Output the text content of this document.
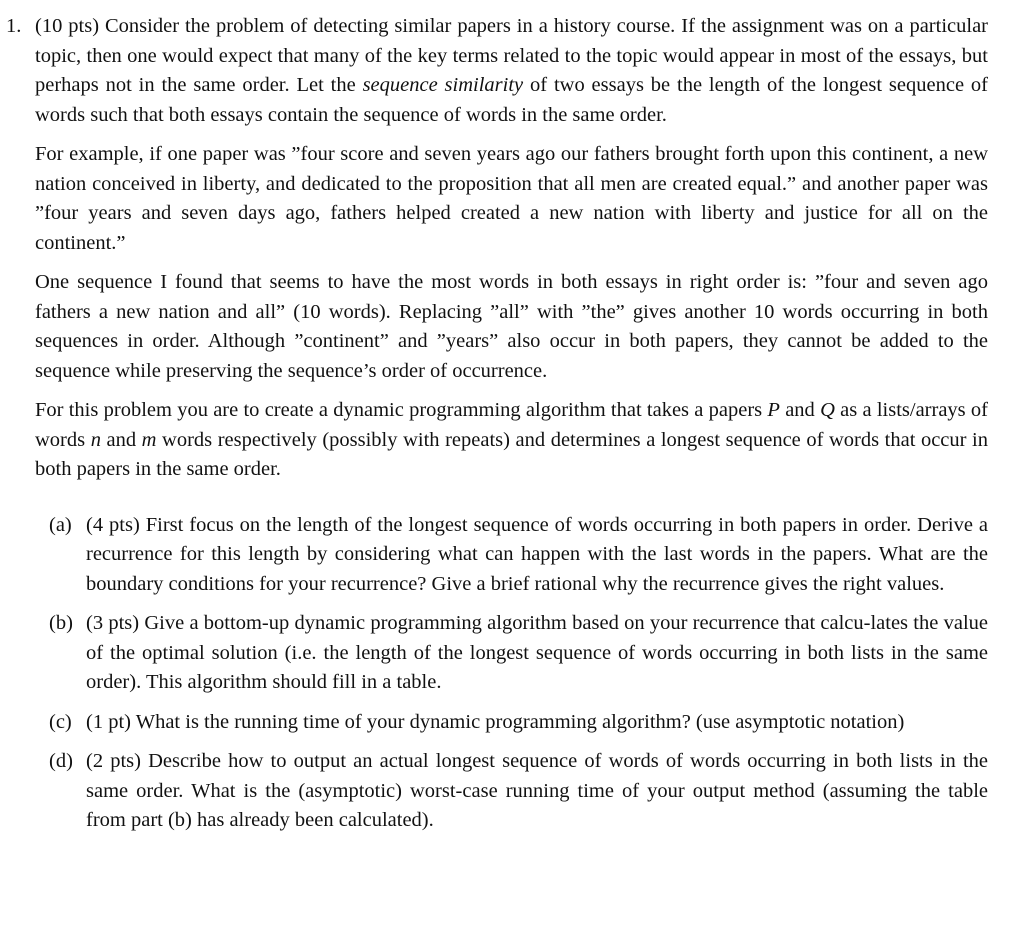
1. (10 pts) Consider the problem of detecting similar papers in a history course. If the assignment was on a particular topic, then one would expect that many of the key terms related to the topic would appear in most of the essays, but perhaps not in the same order. Let the sequence similarity of two essays be the length of the longest sequence of words such that both essays contain the sequence of words in the same order.

For example, if one paper was ”four score and seven years ago our fathers brought forth upon this continent, a new nation conceived in liberty, and dedicated to the proposition that all men are created equal.” and another paper was ”four years and seven days ago, fathers helped created a new nation with liberty and justice for all on the continent.”

One sequence I found that seems to have the most words in both essays in right order is: ”four and seven ago fathers a new nation and all” (10 words). Replacing ”all” with ”the” gives another 10 words occurring in both sequences in order. Although ”continent” and ”years” also occur in both papers, they cannot be added to the sequence while preserving the sequence’s order of occurrence.

For this problem you are to create a dynamic programming algorithm that takes a papers P and Q as a lists/arrays of words n and m words respectively (possibly with repeats) and determines a longest sequence of words that occur in both papers in the same order.

(a) (4 pts) First focus on the length of the longest sequence of words occurring in both papers in order. Derive a recurrence for this length by considering what can happen with the last words in the papers. What are the boundary conditions for your recurrence? Give a brief rational why the recurrence gives the right values.

(b) (3 pts) Give a bottom-up dynamic programming algorithm based on your recurrence that calcu-lates the value of the optimal solution (i.e. the length of the longest sequence of words occurring in both lists in the same order). This algorithm should fill in a table.

(c) (1 pt) What is the running time of your dynamic programming algorithm? (use asymptotic notation)

(d) (2 pts) Describe how to output an actual longest sequence of words of words occurring in both lists in the same order. What is the (asymptotic) worst-case running time of your output method (assuming the table from part (b) has already been calculated).
